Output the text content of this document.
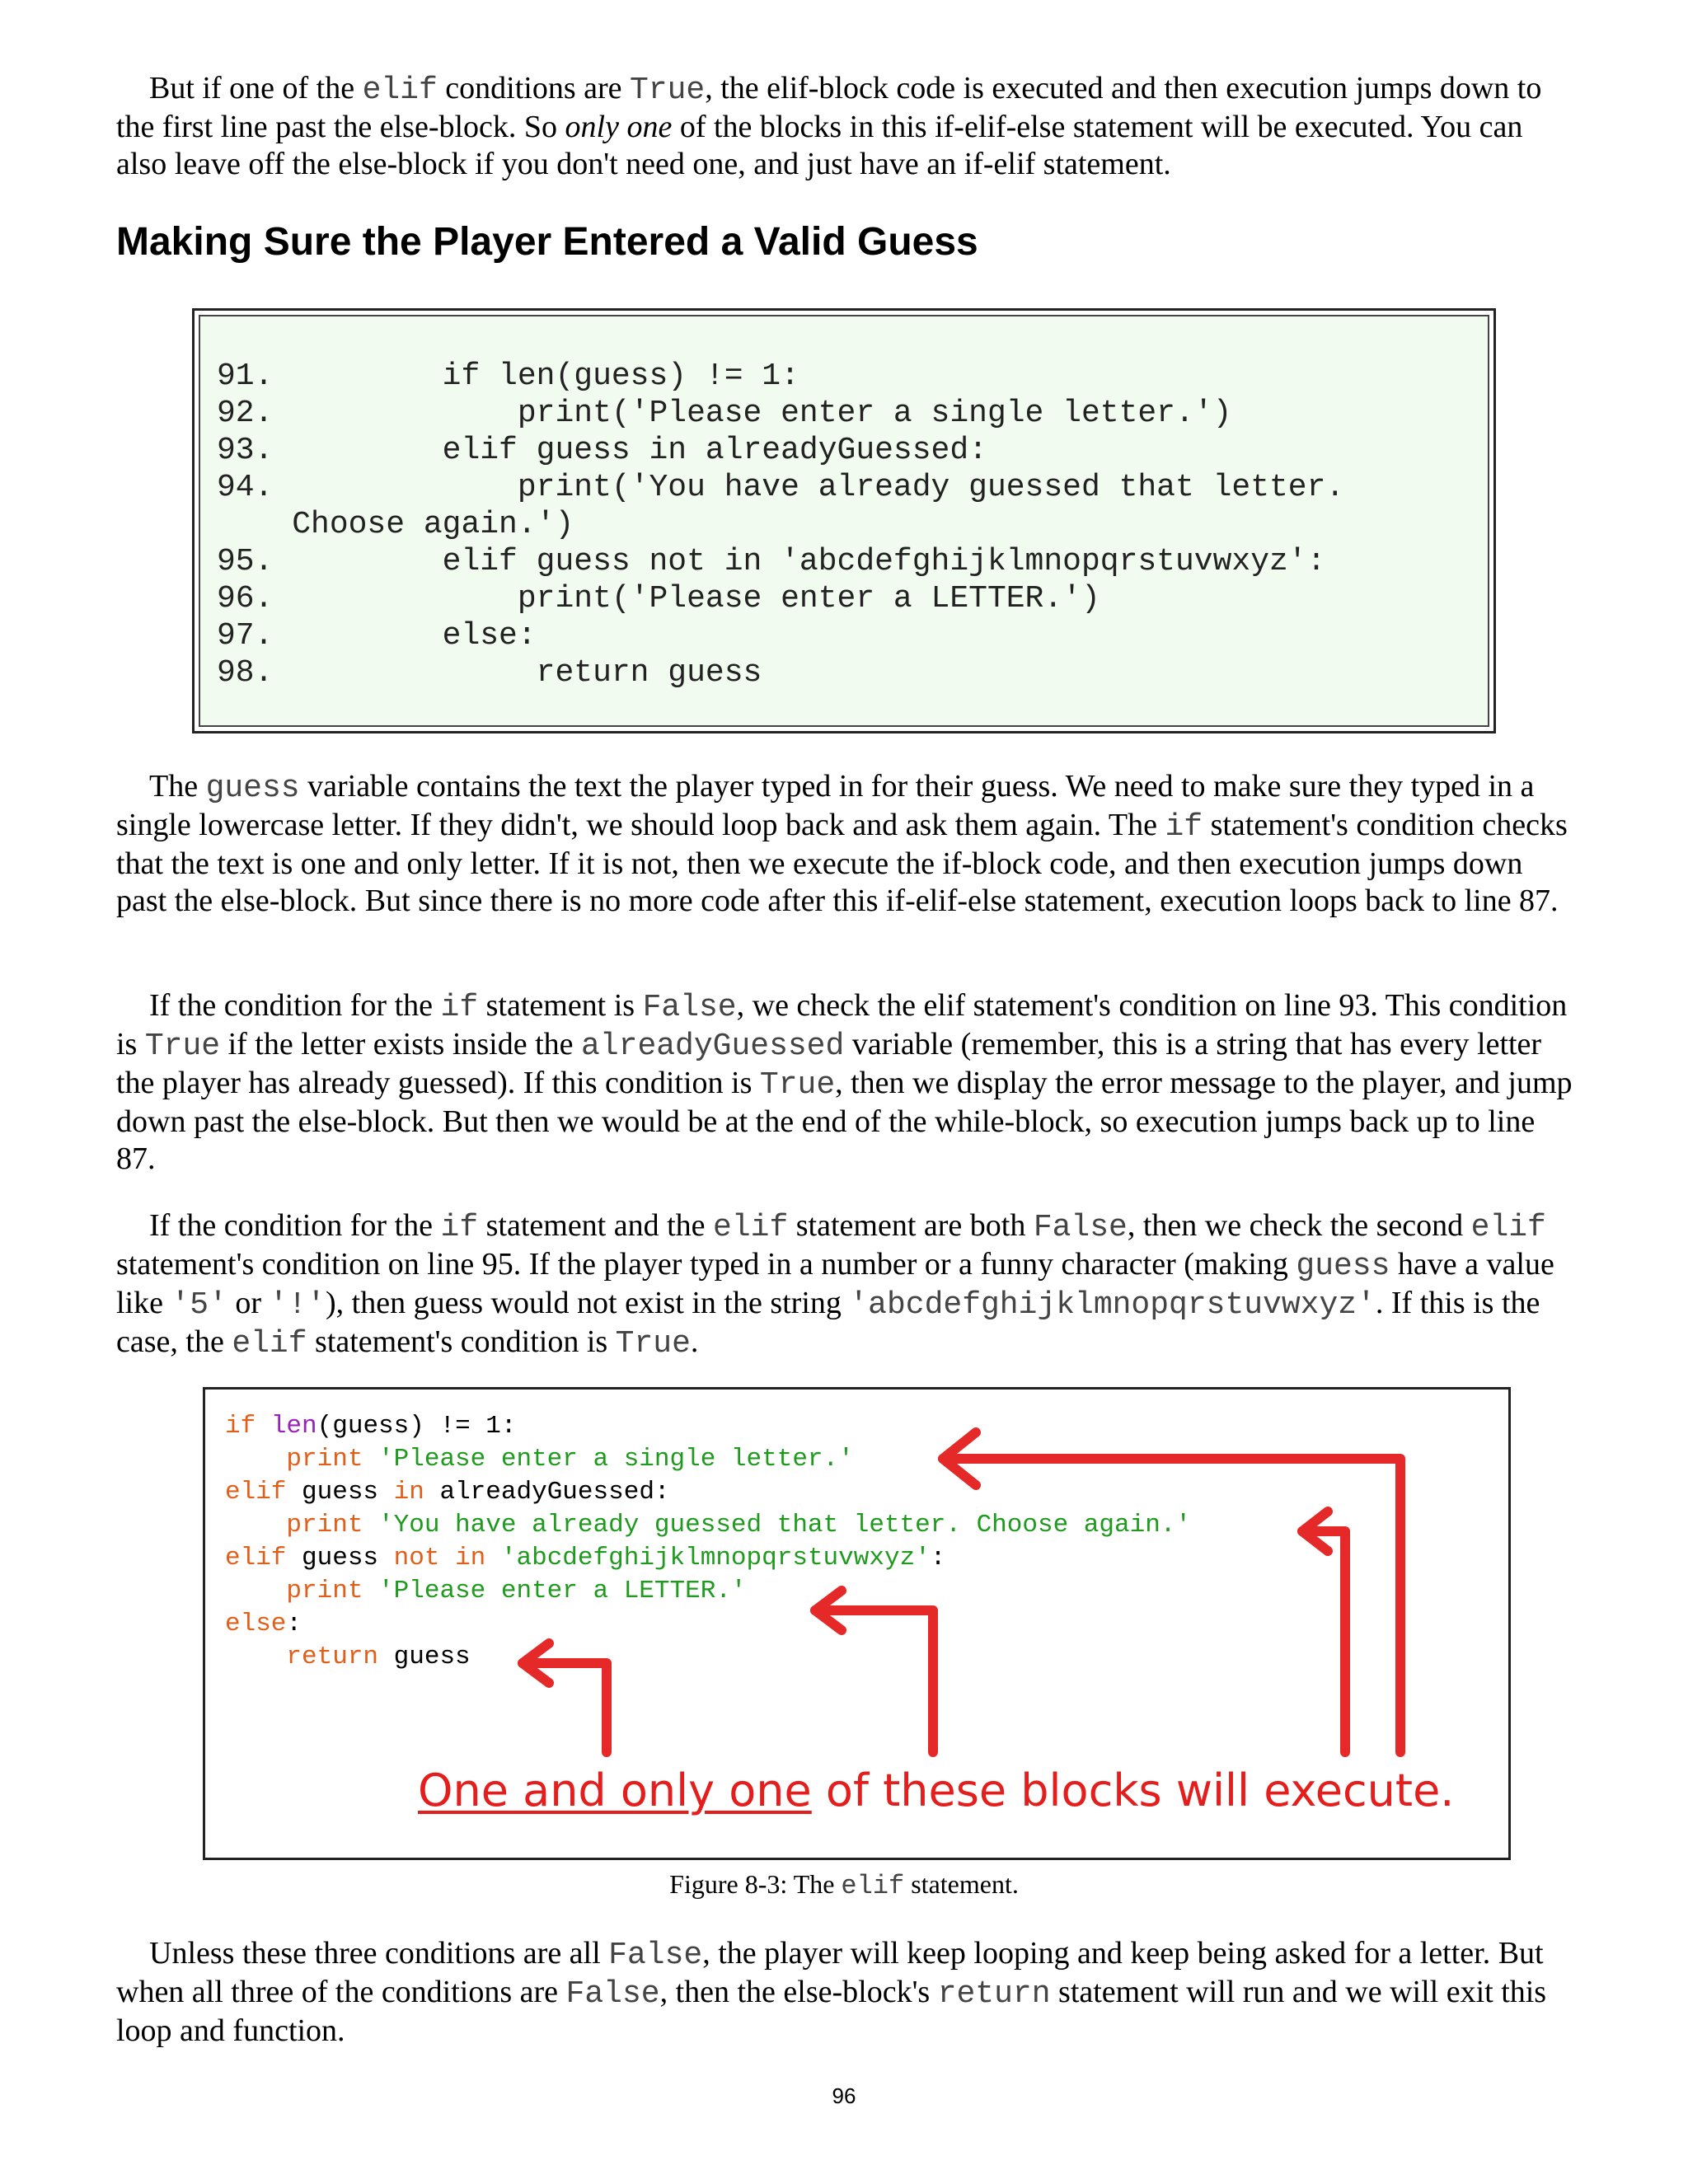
But if one of the elif conditions are True, the elif-block code is executed and then execution jumps down to the first line past the else-block. So only one of the blocks in this if-elif-else statement will be executed. You can also leave off the else-block if you don't need one, and just have an if-elif statement.

Making Sure the Player Entered a Valid Guess
91.         if len(guess) != 1:
92.             print('Please enter a single letter.')
93.         elif guess in alreadyGuessed:
94.             print('You have already guessed that letter.
Choose again.')
95.         elif guess not in 'abcdefghijklmnopqrstuvwxyz':
96.             print('Please enter a LETTER.')
97.         else:
98.              return guess

The guess variable contains the text the player typed in for their guess. We need to make sure they typed in a single lowercase letter. If they didn't, we should loop back and ask them again. The if statement's condition checks that the text is one and only letter. If it is not, then we execute the if-block code, and then execution jumps down past the else-block. But since there is no more code after this if-elif-else statement, execution loops back to line 87.

If the condition for the if statement is False, we check the elif statement's condition on line 93. This condition is True if the letter exists inside the alreadyGuessed variable (remember, this is a string that has every letter the player has already guessed). If this condition is True, then we display the error message to the player, and jump down past the else-block. But then we would be at the end of the while-block, so execution jumps back up to line 87.

If the condition for the if statement and the elif statement are both False, then we check the second elif statement's condition on line 95. If the player typed in a number or a funny character (making guess have a value like '5' or '!'), then guess would not exist in the string 'abcdefghijklmnopqrstuvwxyz'. If this is the case, the elif statement's condition is True.

if len(guess) != 1:
print 'Please enter a single letter.'
elif guess in alreadyGuessed:
print 'You have already guessed that letter. Choose again.'
elif guess not in 'abcdefghijklmnopqrstuvwxyz':
print 'Please enter a LETTER.'
else:
return guess
One and only one of these blocks will execute.
Figure 8-3: The elif statement.

Unless these three conditions are all False, the player will keep looping and keep being asked for a letter. But when all three of the conditions are False, then the else-block's return statement will run and we will exit this loop and function.

96
